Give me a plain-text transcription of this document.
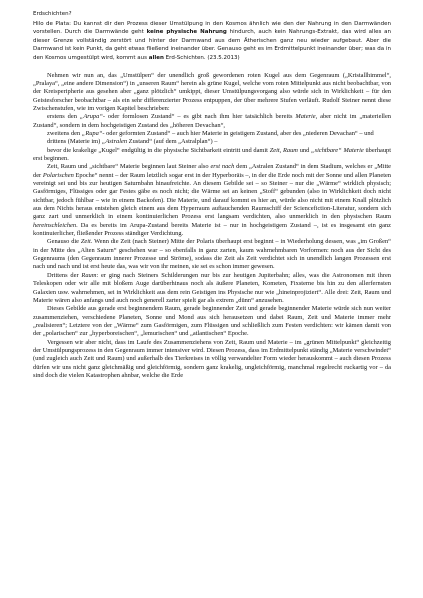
Erdschichten?

Hilo de Plata: Du kannst dir den Prozess dieser Umstülpung in den Kosmos ähnlich wie den der Nahrung in den Darmwänden vorstellen. Durch die Darmwände geht keine physische Nahrung hindurch, auch kein Nahrungs-Extrakt, das wird alles an dieser Grenze vollständig zerstört und hinter der Darmwand aus dem Ätherischen ganz neu wieder aufgebaut. Aber die Darmwand ist kein Punkt, da geht etwas fließend ineinander über. Genauso geht es im Erdmittelpunkt ineinander über; was da in den Kosmos umgestülpt wird, kommt aus allen Erd-Schichten. (23.5.2013)

Nehmen wir nun an, das „Umstülpen“ der unendlich groß gewordenen roten Kugel aus dem Gegenraum („Kristallhimmel“, „Pralaya“, „eine andere Dimension“) in „unseren Raum“ herein als grüne Kugel, welche vom roten Mittelpunkt aus nicht beobachtbar, von der Kreisperipherie aus gesehen aber „ganz plötzlich“ umkippt, dieser Umstülpungsvorgang also würde sich in Wirklichkeit – für den Geistesforscher beobachtbar – als ein sehr differenzierter Prozess entpuppen, der über mehrere Stufen verläuft. Rudolf Steiner nennt diese Zwischenstufen, wie im vorigen Kapitel beschrieben:

erstens den „Arupa“- oder formlosen Zustand“ – es gibt nach ihm hier tatsächlich bereits Materie, aber nicht im „materiellen Zustand“, sondern in dem hochgeistigen Zustand des „höheren Devachan“,

zweitens den „Rupa“- oder geformten Zustand“ – auch hier Materie in geistigem Zustand, aber des „niederen Devachan“ – und

drittens (Materie im) „Astralen Zustand“ (auf dem „Astralplan“) –

bevor die krakelige „Kugel“ endgültig in die physische Sichtbarkeit eintritt und damit Zeit, Raum und „sichtbare“ Materie überhaupt erst beginnen.

Zeit, Raum und „sichtbare“ Materie beginnen laut Steiner also erst nach dem „Astralen Zustand“ in dem Stadium, welches er „Mitte der Polarischen Epoche“ nennt – der Raum letztlich sogar erst in der Hyperboräis –, in der die Erde noch mit der Sonne und allen Planeten vereinigt sei und bis zur heutigen Saturnbahn hinaufreichte. An diesem Gebilde sei – so Steiner – nur die „Wärme“ wirklich physisch; Gasförmiges, Flüssiges oder gar Festes gäbe es noch nicht; die Wärme sei an keinen „Stoff“ gebunden (also in Wirklichkeit doch nicht sichtbar, jedoch fühlbar – wie in einem Backofen). Die Materie, und darauf kommt es hier an, würde also nicht mit einem Knall plötzlich aus dem Nichts heraus entstehen gleich einem aus dem Hyperraum auftauchenden Raumschiff der Sciencefiction-Literatur, sondern sich ganz zart und unmerklich in einem kontinuierlichen Prozess erst langsam verdichten, also unmerklich in den physischen Raum hereinschleichen. Da es bereits im Arupa-Zustand bereits Materie ist – nur in hochgeistigem Zustand –, ist es insgesamt ein ganz kontinuierlicher, fließender Prozess ständiger Verdichtung.

Genauso die Zeit. Wenn die Zeit (nach Steiner) Mitte der Polaris überhaupt erst beginnt – in Wiederholung dessen, was „im Großen“ in der Mitte des „Alten Saturn“ geschehen war – so ebenfalls in ganz zarten, kaum wahrnehmbaren Vorformen: noch aus der Sicht des Gegenraums (den Gegenraum innerer Prozesse und Ströme), sodass die Zeit als Zeit verdichtet sich in unendlich langen Prozessen erst nach und nach und ist erst heute das, was wir von ihr meinen, sie sei es schon immer gewesen.

Drittens der Raum: er ging nach Steiners Schilderungen nur bis zur heutigen Jupiterbahn; alles, was die Astronomen mit ihren Teleskopen oder wir alle mit bloßem Auge darüberhinaus noch als äußere Planeten, Kometen, Fixsterne bis hin zu den allerfernsten Galaxien usw. wahrnehmen, sei in Wirklichkeit aus dem rein Geistigen ins Physische nur wie „hineinprojiziert“. Alle drei: Zeit, Raum und Materie wären also anfangs und auch noch generell zarter spielt gar als extrem „dünn“ anzusehen.

Dieses Gebilde aus gerade erst beginnendem Raum, gerade beginnender Zeit und gerade beginnender Materie würde sich nun weiter zusammenziehen, verschiedene Planeten, Sonne und Mond aus sich herausetzen und dabei Raum, Zeit und Materie immer mehr „realisieren“; Letztere von der „Wärme“ zum Gasförmigen, zum Flüssigen und schließlich zum Festen verdichten: wir kämen damit von der „polarischen“ zur „hyperboreischen“, „lemurischen“ und „atlantischen“ Epoche.

Vergessen wir aber nicht, dass im Laufe des Zusammenziehens von Zeit, Raum und Materie – im „grünen Mittelpunkt“ gleichzeitig der Umstülpungsprozess in den Gegenraum immer intensiver wird. Diesen Prozess, dass im Erdmittelpunkt ständig „Materie verschwindet“ (und zugleich auch Zeit und Raum) und außerhalb des Tierkreises in völlig verwandelter Form wieder herauskommt – auch diesen Prozess dürfen wir uns nicht ganz gleichmäßig und gleichförmig, sondern ganz krakelig, ungleichförmig, manchmal regelrecht ruckartig vor – da sind doch die vielen Katastrophen ahnbar, welche die Erde
